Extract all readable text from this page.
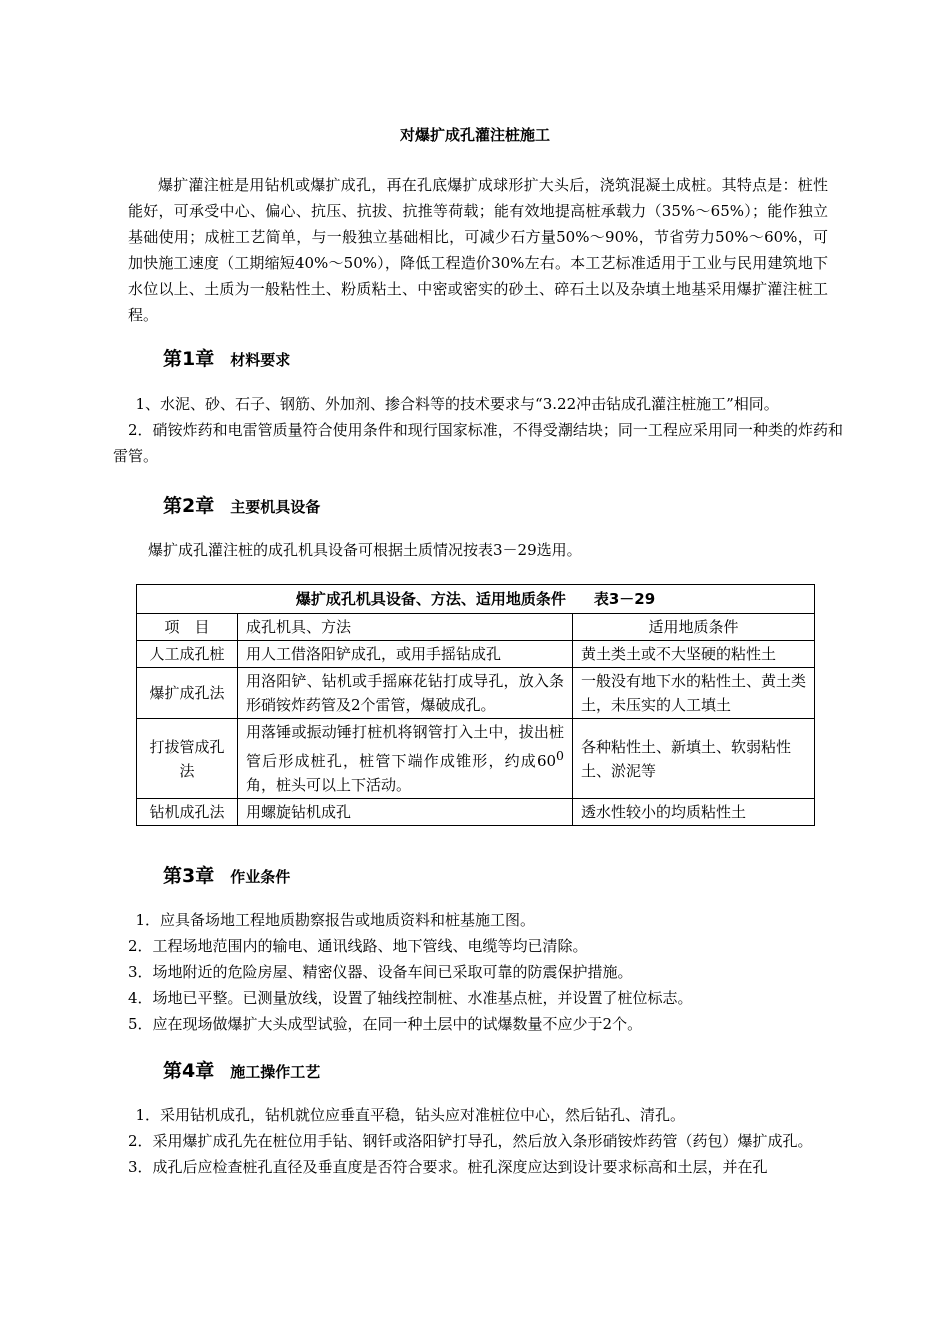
对爆扩成孔灌注桩施工
爆扩灌注桩是用钻机或爆扩成孔，再在孔底爆扩成球形扩大头后，浇筑混凝土成桩。其特点是：桩性能好，可承受中心、偏心、抗压、抗拔、抗推等荷载；能有效地提高桩承载力（35%～65%）；能作独立基础使用；成桩工艺简单，与一般独立基础相比，可减少石方量50%～90%，节省劳力50%～60%，可加快施工速度（工期缩短40%～50%），降低工程造价30%左右。本工艺标准适用于工业与民用建筑地下水位以上、土质为一般粘性土、粉质粘土、中密或密实的砂土、碎石土以及杂填土地基采用爆扩灌注桩工程。
第1章 材料要求
1、水泥、砂、石子、钢筋、外加剂、掺合料等的技术要求与“3.22冲击钻成孔灌注桩施工”相同。
2．硝铵炸药和电雷管质量符合使用条件和现行国家标准，不得受潮结块；同一工程应采用同一种类的炸药和雷管。
第2章 主要机具设备
爆扩成孔灌注桩的成孔机具设备可根据土质情况按表3－29选用。
爆扩成孔机具设备、方法、适用地质条件 表3－29		
项　目	成孔机具、方法	适用地质条件
人工成孔桩	用人工借洛阳铲成孔，或用手摇钻成孔	黄土类土或不大坚硬的粘性土
爆扩成孔法	用洛阳铲、钻机或手摇麻花钻打成导孔，放入条形硝铵炸药管及2个雷管，爆破成孔。	一般没有地下水的粘性土、黄土类土，未压实的人工填土
打拔管成孔法	用落锤或振动锤打桩机将钢管打入土中，拔出桩管后形成桩孔，桩管下端作成锥形，约成$60^0$角，桩头可以上下活动。	各种粘性土、新填土、软弱粘性土、淤泥等
钻机成孔法	用螺旋钻机成孔	透水性较小的均质粘性土
第3章 作业条件
1．应具备场地工程地质勘察报告或地质资料和桩基施工图。
2．工程场地范围内的输电、通讯线路、地下管线、电缆等均已清除。
3．场地附近的危险房屋、精密仪器、设备车间已采取可靠的防震保护措施。
4．场地已平整。已测量放线，设置了轴线控制桩、水准基点桩，并设置了桩位标志。
5．应在现场做爆扩大头成型试验，在同一种土层中的试爆数量不应少于2个。
第4章 施工操作工艺
1．采用钻机成孔，钻机就位应垂直平稳，钻头应对准桩位中心，然后钻孔、清孔。
2．采用爆扩成孔先在桩位用手钻、钢钎或洛阳铲打导孔，然后放入条形硝铵炸药管（药包）爆扩成孔。
3．成孔后应检查桩孔直径及垂直度是否符合要求。桩孔深度应达到设计要求标高和土层，并在孔
